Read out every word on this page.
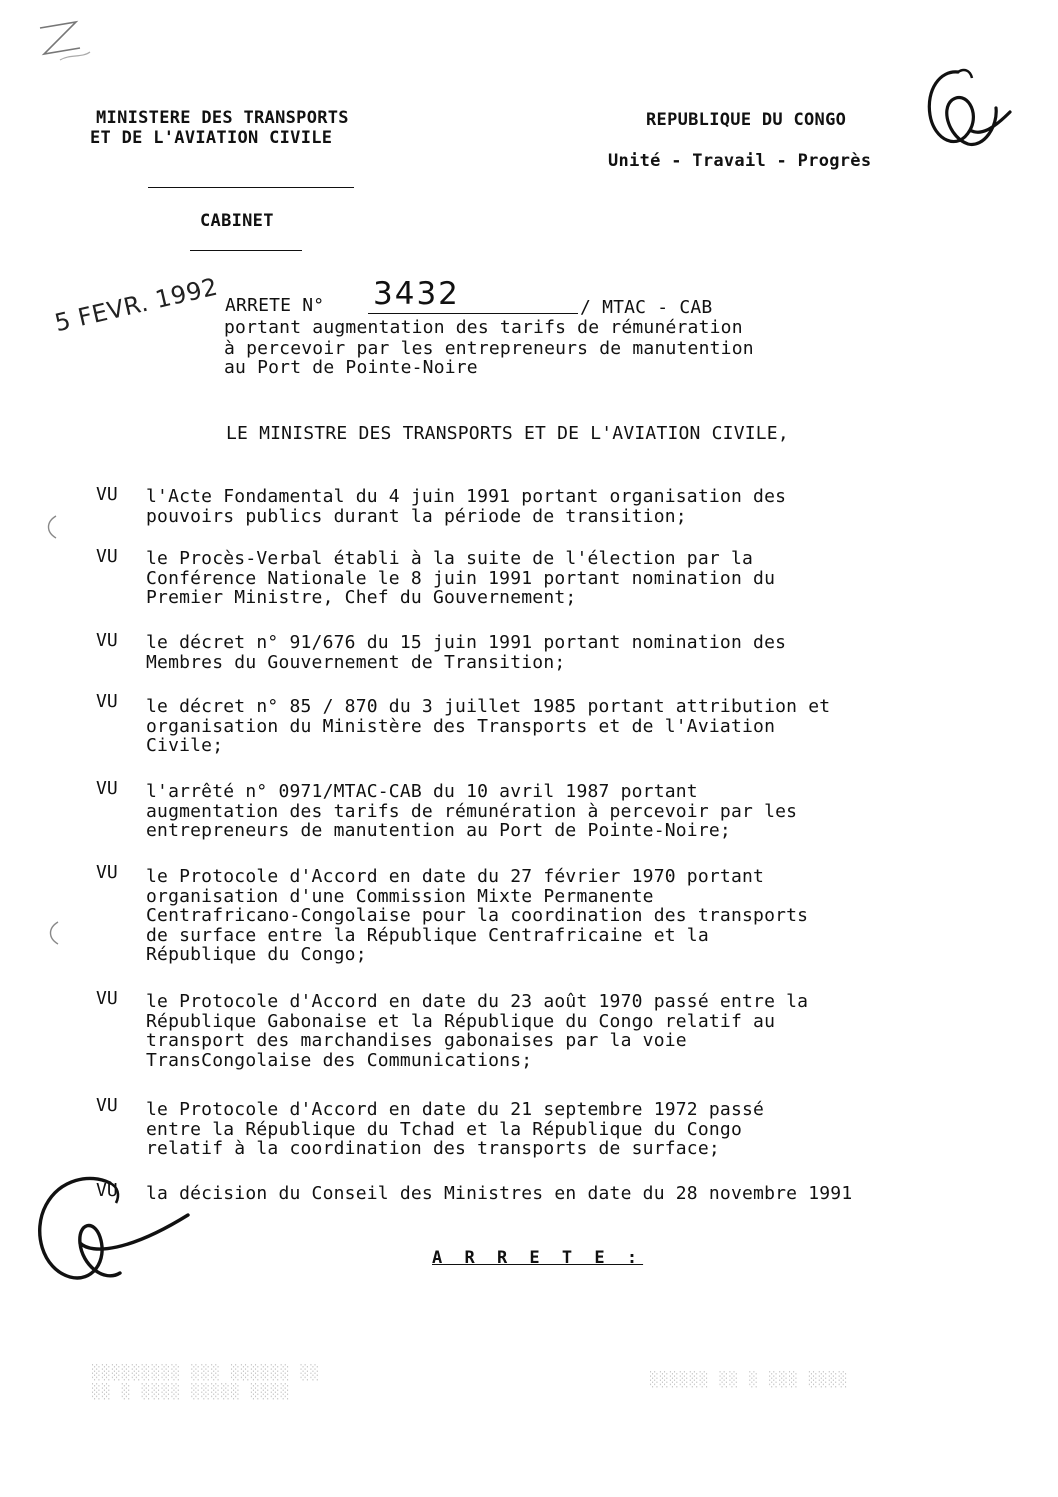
MINISTERE DES TRANSPORTS
ET DE L'AVIATION CIVILE
CABINET
REPUBLIQUE DU CONGO
Unité - Travail - Progrès
5 FEVR. 1992 ARRETE N° 3432	/ MTAC - CAB
portant augmentation des tarifs de rémunération
à percevoir par les entrepreneurs de manutention
au Port de Pointe-Noire
LE MINISTRE DES TRANSPORTS ET DE L'AVIATION CIVILE,
VU l'Acte Fondamental du 4 juin 1991 portant organisation des
pouvoirs publics durant la période de transition;
VU le Procès-Verbal établi à la suite de l'élection par la
Conférence Nationale le 8 juin 1991 portant nomination du
Premier Ministre, Chef du Gouvernement;
VU le décret n° 91/676 du 15 juin 1991 portant nomination des
Membres du Gouvernement de Transition;
VU le décret n° 85 / 870 du 3 juillet 1985 portant attribution et
organisation du Ministère des Transports et de l'Aviation
Civile;
VU l'arrêté n° 0971/MTAC-CAB du 10 avril 1987 portant
augmentation des tarifs de rémunération à percevoir par les
entrepreneurs de manutention au Port de Pointe-Noire;
VU le Protocole d'Accord en date du 27 février 1970 portant
organisation d'une Commission Mixte Permanente
Centrafricano-Congolaise pour la coordination des transports
de surface entre la République Centrafricaine et la
République du Congo;
VU le Protocole d'Accord en date du 23 août 1970 passé entre la
République Gabonaise et la République du Congo relatif au
transport des marchandises gabonaises par la voie
TransCongolaise des Communications;
VU le Protocole d'Accord en date du 21 septembre 1972 passé
entre la République du Tchad et la République du Congo
relatif à la coordination des transports de surface;
VU la décision du Conseil des Ministres en date du 28 novembre 1991
A R R E T E :
░░░░░░░░░ ░░░ ░░░░░░ ░░
░░ ░ ░░░░ ░░░░░ ░░░░
░░░░░░ ░░ ░ ░░░ ░░░░
